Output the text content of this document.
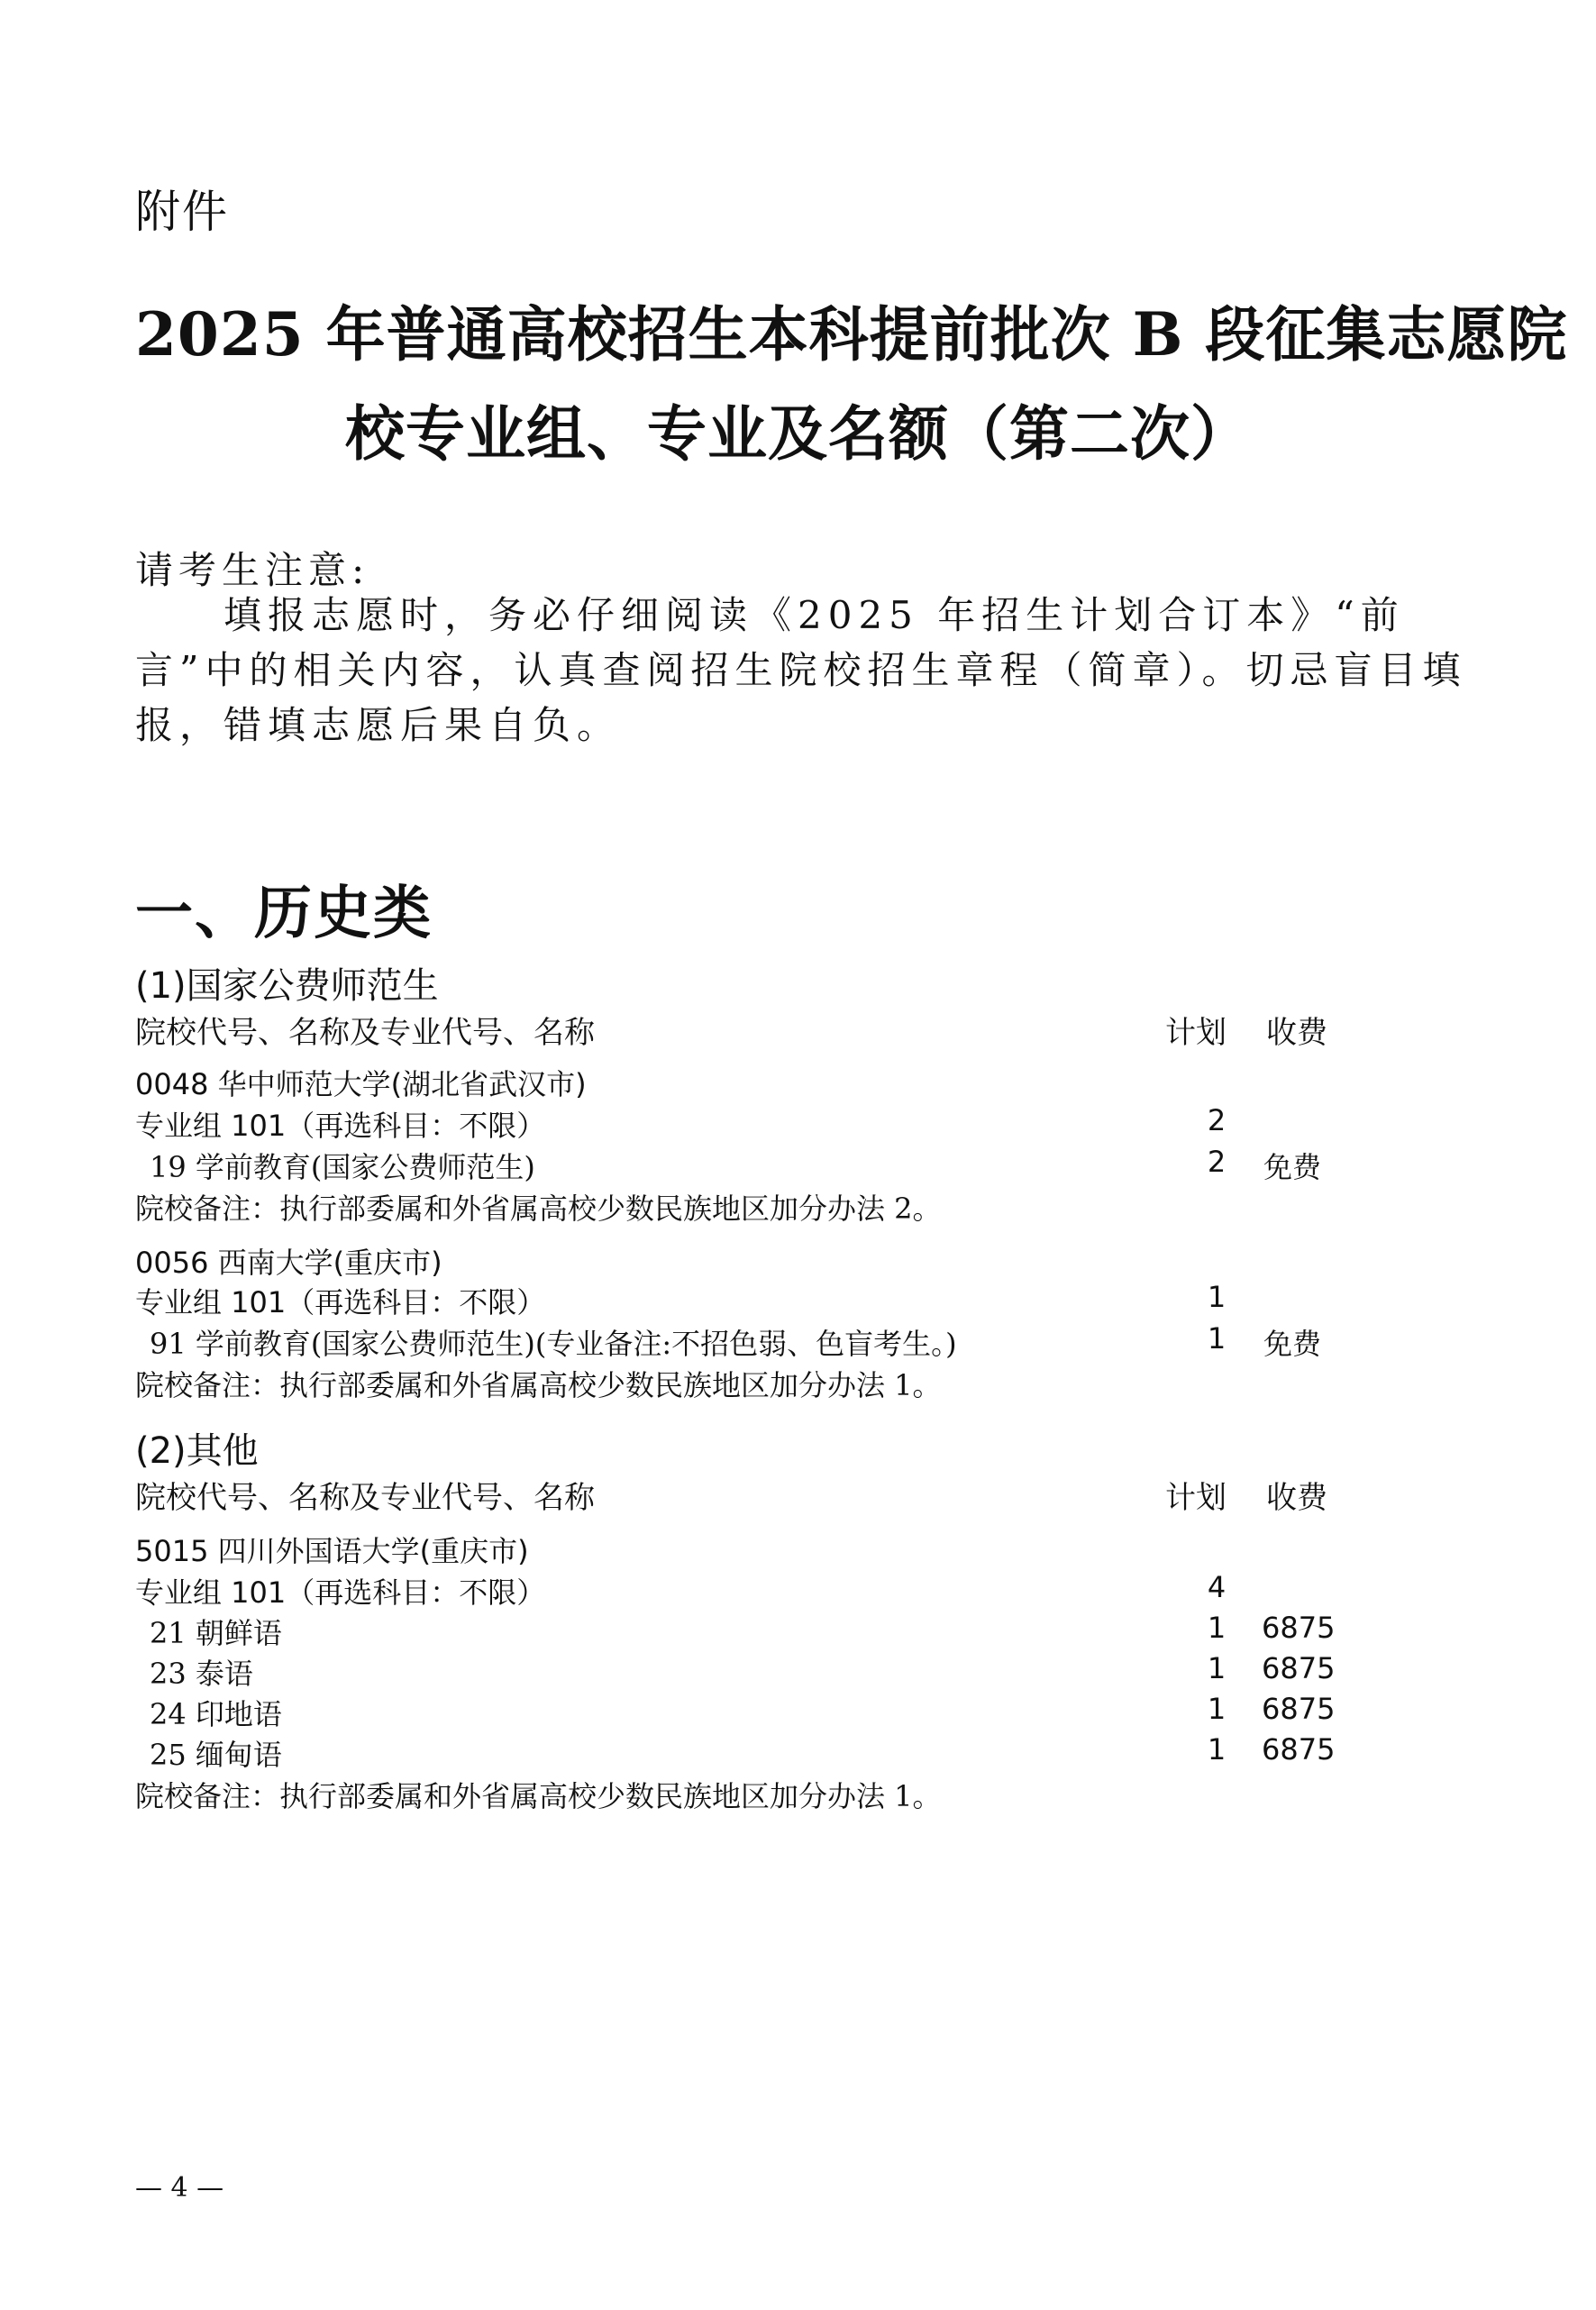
附件
2025 年普通高校招生本科提前批次 B 段征集志愿院
校专业组、专业及名额（第二次）
请考生注意:
　　填报志愿时，务必仔细阅读《2025 年招生计划合订本》“前言”中的相关内容，认真查阅招生院校招生章程（简章）。切忌盲目填报，错填志愿后果自负。
一、历史类
(1)国家公费师范生
院校代号、名称及专业代号、名称	计划 收费
0048 华中师范大学(湖北省武汉市)
专业组 101（再选科目：不限）	2
19 学前教育(国家公费师范生)	2	免费
院校备注：执行部委属和外省属高校少数民族地区加分办法 2。
0056 西南大学(重庆市)
专业组 101（再选科目：不限）	1
91 学前教育(国家公费师范生)(专业备注:不招色弱、色盲考生。)	1	免费
院校备注：执行部委属和外省属高校少数民族地区加分办法 1。
(2)其他
院校代号、名称及专业代号、名称	计划 收费
5015 四川外国语大学(重庆市)
专业组 101（再选科目：不限）	4
21 朝鲜语	1	6875
23 泰语	1	6875
24 印地语	1	6875
25 缅甸语	1	6875
院校备注：执行部委属和外省属高校少数民族地区加分办法 1。
— 4 —
